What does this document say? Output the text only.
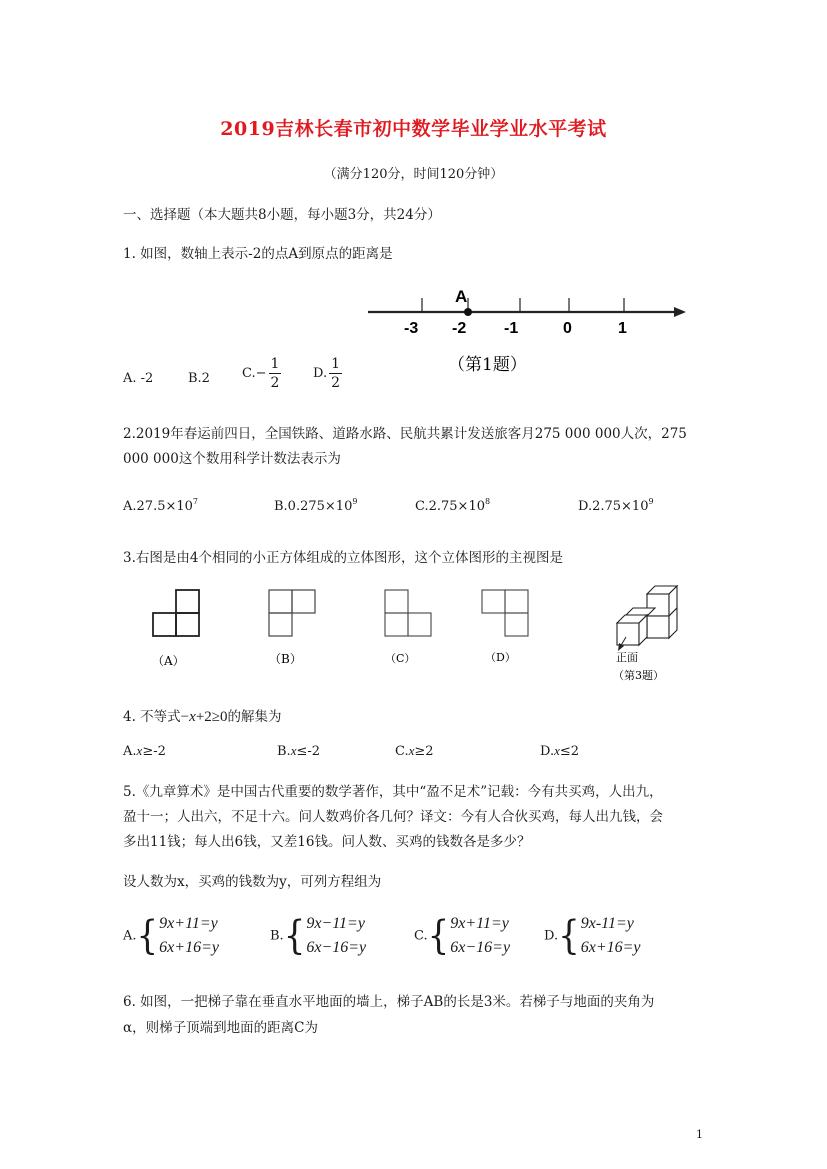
2019吉林长春市初中数学毕业学业水平考试
（满分120分，时间120分钟）
一、选择题（本大题共8小题，每小题3分，共24分）
1. 如图，数轴上表示-2的点A到原点的距离是
A
-3 -2 -1	0	1
（第1题）
A. -2	B.2 $C.- \frac{1}{2} D$. $\frac{1}{2}$
2.2019年春运前四日，全国铁路、道路水路、民航共累计发送旅客月275 000 000人次，275
000 000这个数用科学计数法表示为
$A.27.5\times 10^7$	$B.0.275\times 10^9$	$C.2.75\times 10^8$	$D.2.75\times 10^9$
3.右图是由4个相同的小正方体组成的立体图形，这个立体图形的主视图是
（A）	（B）	（C）	（D）	正面
（第3题）
4. 不等式−x+2≥0的解集为
A.x≥-2	B.x≤-2	C.x≥2	D.x≤2
5.《九章算术》是中国古代重要的数学著作，其中“盈不足术”记载：今有共买鸡，人出九，
盈十一；人出六，不足十六。问人数鸡价各几何？译文：今有人合伙买鸡，每人出九钱，会
多出11钱；每人出6钱，又差16钱。问人数、买鸡的钱数各是多少？
设人数为x，买鸡的钱数为y，可列方程组为
A. { 9x+11=y
6x+16=y
B. { 9x−11=y
6x−16=y
C. { 9x+11=y
6x−16=y
D. { 9x-11=y
6x+16=y
6. 如图，一把梯子靠在垂直水平地面的墙上，梯子AB的长是3米。若梯子与地面的夹角为
α，则梯子顶端到地面的距离C为
1
